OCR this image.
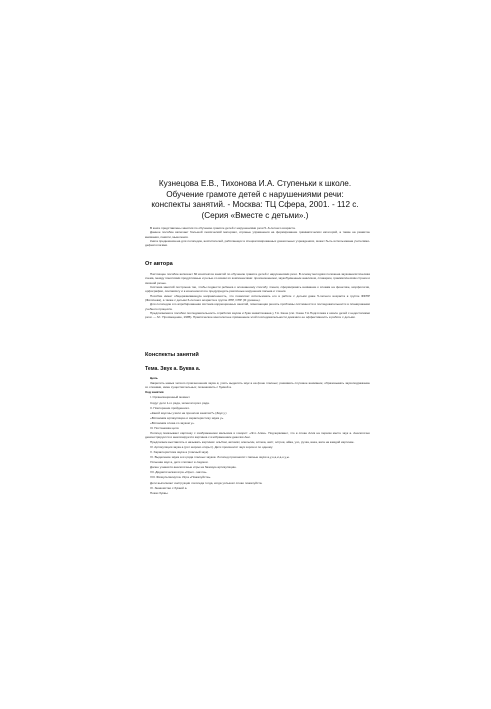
Кузнецова Е.В., Тихонова И.А. Ступеньки к школе.
Обучение грамоте детей с нарушениями речи:
конспекты занятий. - Москва: ТЦ Сфера, 2001. - 112 с.
(Серия «Вместе с детьми».)

В книге представлены занятия по обучению грамоте детей с нарушениями речи 5–6-летнего возраста.

Данное пособие включает большой лексический материал, игровые упражнения на формирование грамматических категорий, а также на развитие внимания, памяти, мышления.

Книга предназначена для логопедов, воспитателей, работающих в специализированных дошкольных учреждениях, может быть использована учителями-дефектологами.

От автора

Настоящее пособие включает 60 конспектов занятий по обучению грамоте детей с нарушениями речи. В основу методики положена звукоаналитическая схема, между понятиями продуктивные и речью со всеми их компонентами: произношением, звукобуквенным анализом, словарем, грамматическим строем и связной речью.

Система занятий построена так, чтобы подвести ребенка к осознанному способу чтения, сформировать внимание к словам на фонетике, морфологии, орфографии, синтаксису и в конечном итоге предупредить различные нарушения письма и чтения.

Пособие имеет общеразвивающую направленность, что позволяет использовать его в работе с детьми даже 5-летнего возраста в группе ФФНР (Филичева), а также с детьми 6-летнего возраста в группе ЗПР, ОНР (III уровень).

Для логопедов это апробированная система коррекционных занятий, помогающая решить проблемы системности и последовательности в планировании учебного процесса.

Предлагаемая в пособии последовательность отработки звуков и букв заимствована у Г.А. Каше (см.: Каше Г.А.Подготовка к школе детей с недостатками речи. — М.: Просвещение, 1985). Практическое многолетнее применение этой последовательности доказало ее эффективность в работе с детьми.

Конспекты занятий
Тема. Звук а. Буква а.
Цель
Закрепить навык четкого произношения звука а; учить выделять звук а на фоне гласных; развивать слуховое внимание; образовывать звукоподражание со словами, имен существительных; познакомить с буквой а.
Ход занятия
I. Организационный момент.
Сядут дети 1-го ряда, затем второго ряда.
II. Повторение пройденного.
«Какой звук мы учили на прошлом занятии?» (Звук у.)
«Вспомним артикуляцию и характеристику звука у».
«Вспомним слова со звуком у».
III. Постановка цели.
Логопед показывает картинку с изображением мальчика и говорит: «Это Алик». Подчеркивает, что в слове Алик на первом месте звук а. Аналогично демонстрируется и анализируется картинка с изображением девочки Ани.
Предлагаем выставлять и называть картинки: альбом, автомат, апельсин, аптека, аист, остров, айва, ухо, ручка, ваза, вата на каждой картинке.
IV. Артикуляция звука а (рот широко открыт). Дети произносят звук хором и по одному.
V. Характеристика звука а (гласный звук).
VI. Выделение звука а из ряда гласных звуков. Логопед произносит гласные звуки а,у,о,а,и,а,о,у,ы.
Услышав звук а, дети хлопают в ладоши.
Далее узнаются аналогичные игры на базовую артикуляцию.
VII. Дидактическая игра «Орел - мачта».
VIII. Физкультминутка. Игра «Пожалуйста».
Дети выполняют инструкции логопеда тогда, когда услышат слово пожалуйста.
IX. Знакомство с буквой а.
Показ буквы.
